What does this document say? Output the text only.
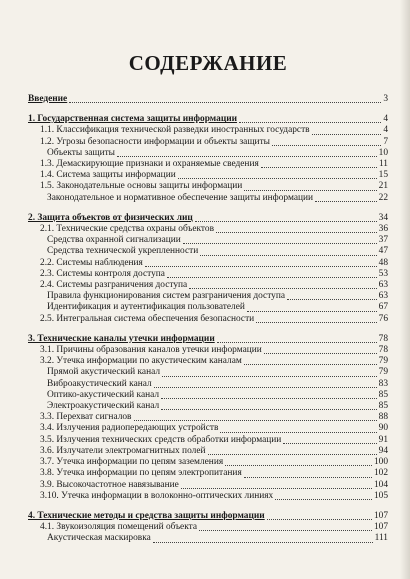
СОДЕРЖАНИЕ
Введение	3
1. Государственная система защиты информации	4
1.1. Классификация технической разведки иностранных государств	4
1.2. Угрозы безопасности информации и объекты защиты	7
Объекты защиты	10
1.3. Демаскирующие признаки и охраняемые сведения	11
1.4. Система защиты информации	15
1.5. Законодательные основы защиты информации	21
Законодательное и нормативное обеспечение защиты информации	22
2. Защита объектов от физических лиц	34
2.1. Технические средства охраны объектов	36
Средства охранной сигнализации	37
Средства технической укрепленности	47
2.2. Системы наблюдения	48
2.3. Системы контроля доступа	53
2.4. Системы разграничения доступа	63
Правила функционирования систем разграничения доступа	63
Идентификация и аутентификация пользователей	67
2.5. Интегральная система обеспечения безопасности	76
3. Технические каналы утечки информации	78
3.1. Причины образования каналов утечки информации	78
3.2. Утечка информации по акустическим каналам	79
Прямой акустический канал	79
Виброакустический канал	83
Оптико-акустический канал	85
Электроакустический канал	85
3.3. Перехват сигналов	88
3.4. Излучения радиопередающих устройств	90
3.5. Излучения технических средств обработки информации	91
3.6. Излучатели электромагнитных полей	94
3.7. Утечка информации по цепям заземления	100
3.8. Утечка информации по цепям электропитания	102
3.9. Высокочастотное навязывание	104
3.10. Утечка информации в волоконно-оптических линиях	105
4. Технические методы и средства защиты информации	107
4.1. Звукоизоляция помещений объекта	107
Акустическая маскировка	111
